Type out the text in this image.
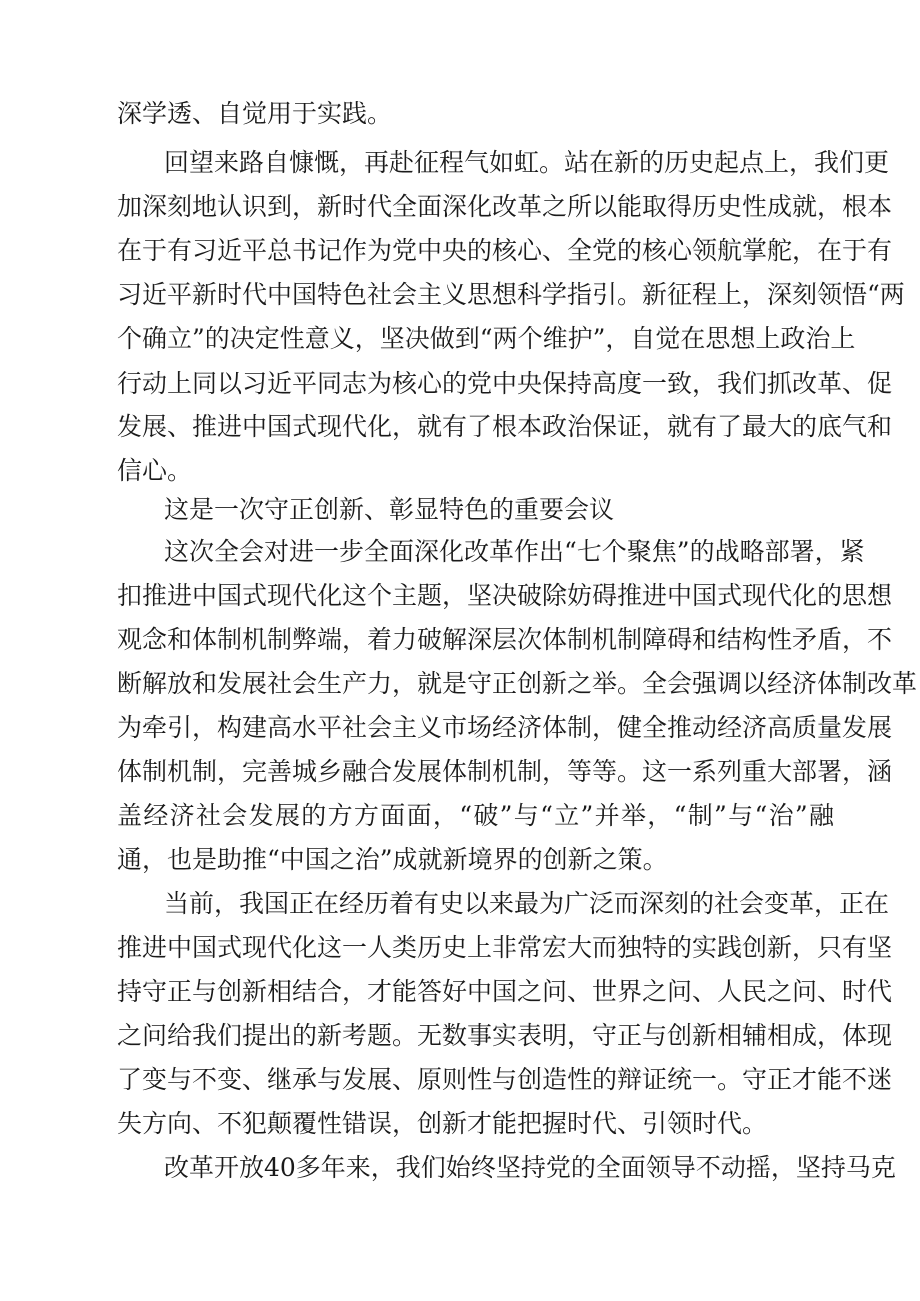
深学透、自觉用于实践。
回望来路自慷慨，再赴征程气如虹。站在新的历史起点上，我们更
加深刻地认识到，新时代全面深化改革之所以能取得历史性成就，根本
在于有习近平总书记作为党中央的核心、全党的核心领航掌舵，在于有
习近平新时代中国特色社会主义思想科学指引。新征程上，深刻领悟“两
个确立”的决定性意义，坚决做到“两个维护”，自觉在思想上政治上
行动上同以习近平同志为核心的党中央保持高度一致，我们抓改革、促
发展、推进中国式现代化，就有了根本政治保证，就有了最大的底气和
信心。
这是一次守正创新、彰显特色的重要会议
这次全会对进一步全面深化改革作出“七个聚焦”的战略部署，紧
扣推进中国式现代化这个主题，坚决破除妨碍推进中国式现代化的思想
观念和体制机制弊端，着力破解深层次体制机制障碍和结构性矛盾，不
断解放和发展社会生产力，就是守正创新之举。全会强调以经济体制改革
为牵引，构建高水平社会主义市场经济体制，健全推动经济高质量发展
体制机制，完善城乡融合发展体制机制，等等。这一系列重大部署，涵
盖经济社会发展的方方面面，“破”与“立”并举，“制”与“治”融
通，也是助推“中国之治”成就新境界的创新之策。
当前，我国正在经历着有史以来最为广泛而深刻的社会变革，正在
推进中国式现代化这一人类历史上非常宏大而独特的实践创新，只有坚
持守正与创新相结合，才能答好中国之问、世界之问、人民之问、时代
之问给我们提出的新考题。无数事实表明，守正与创新相辅相成，体现
了变与不变、继承与发展、原则性与创造性的辩证统一。守正才能不迷
失方向、不犯颠覆性错误，创新才能把握时代、引领时代。
改革开放40多年来，我们始终坚持党的全面领导不动摇，坚持马克
